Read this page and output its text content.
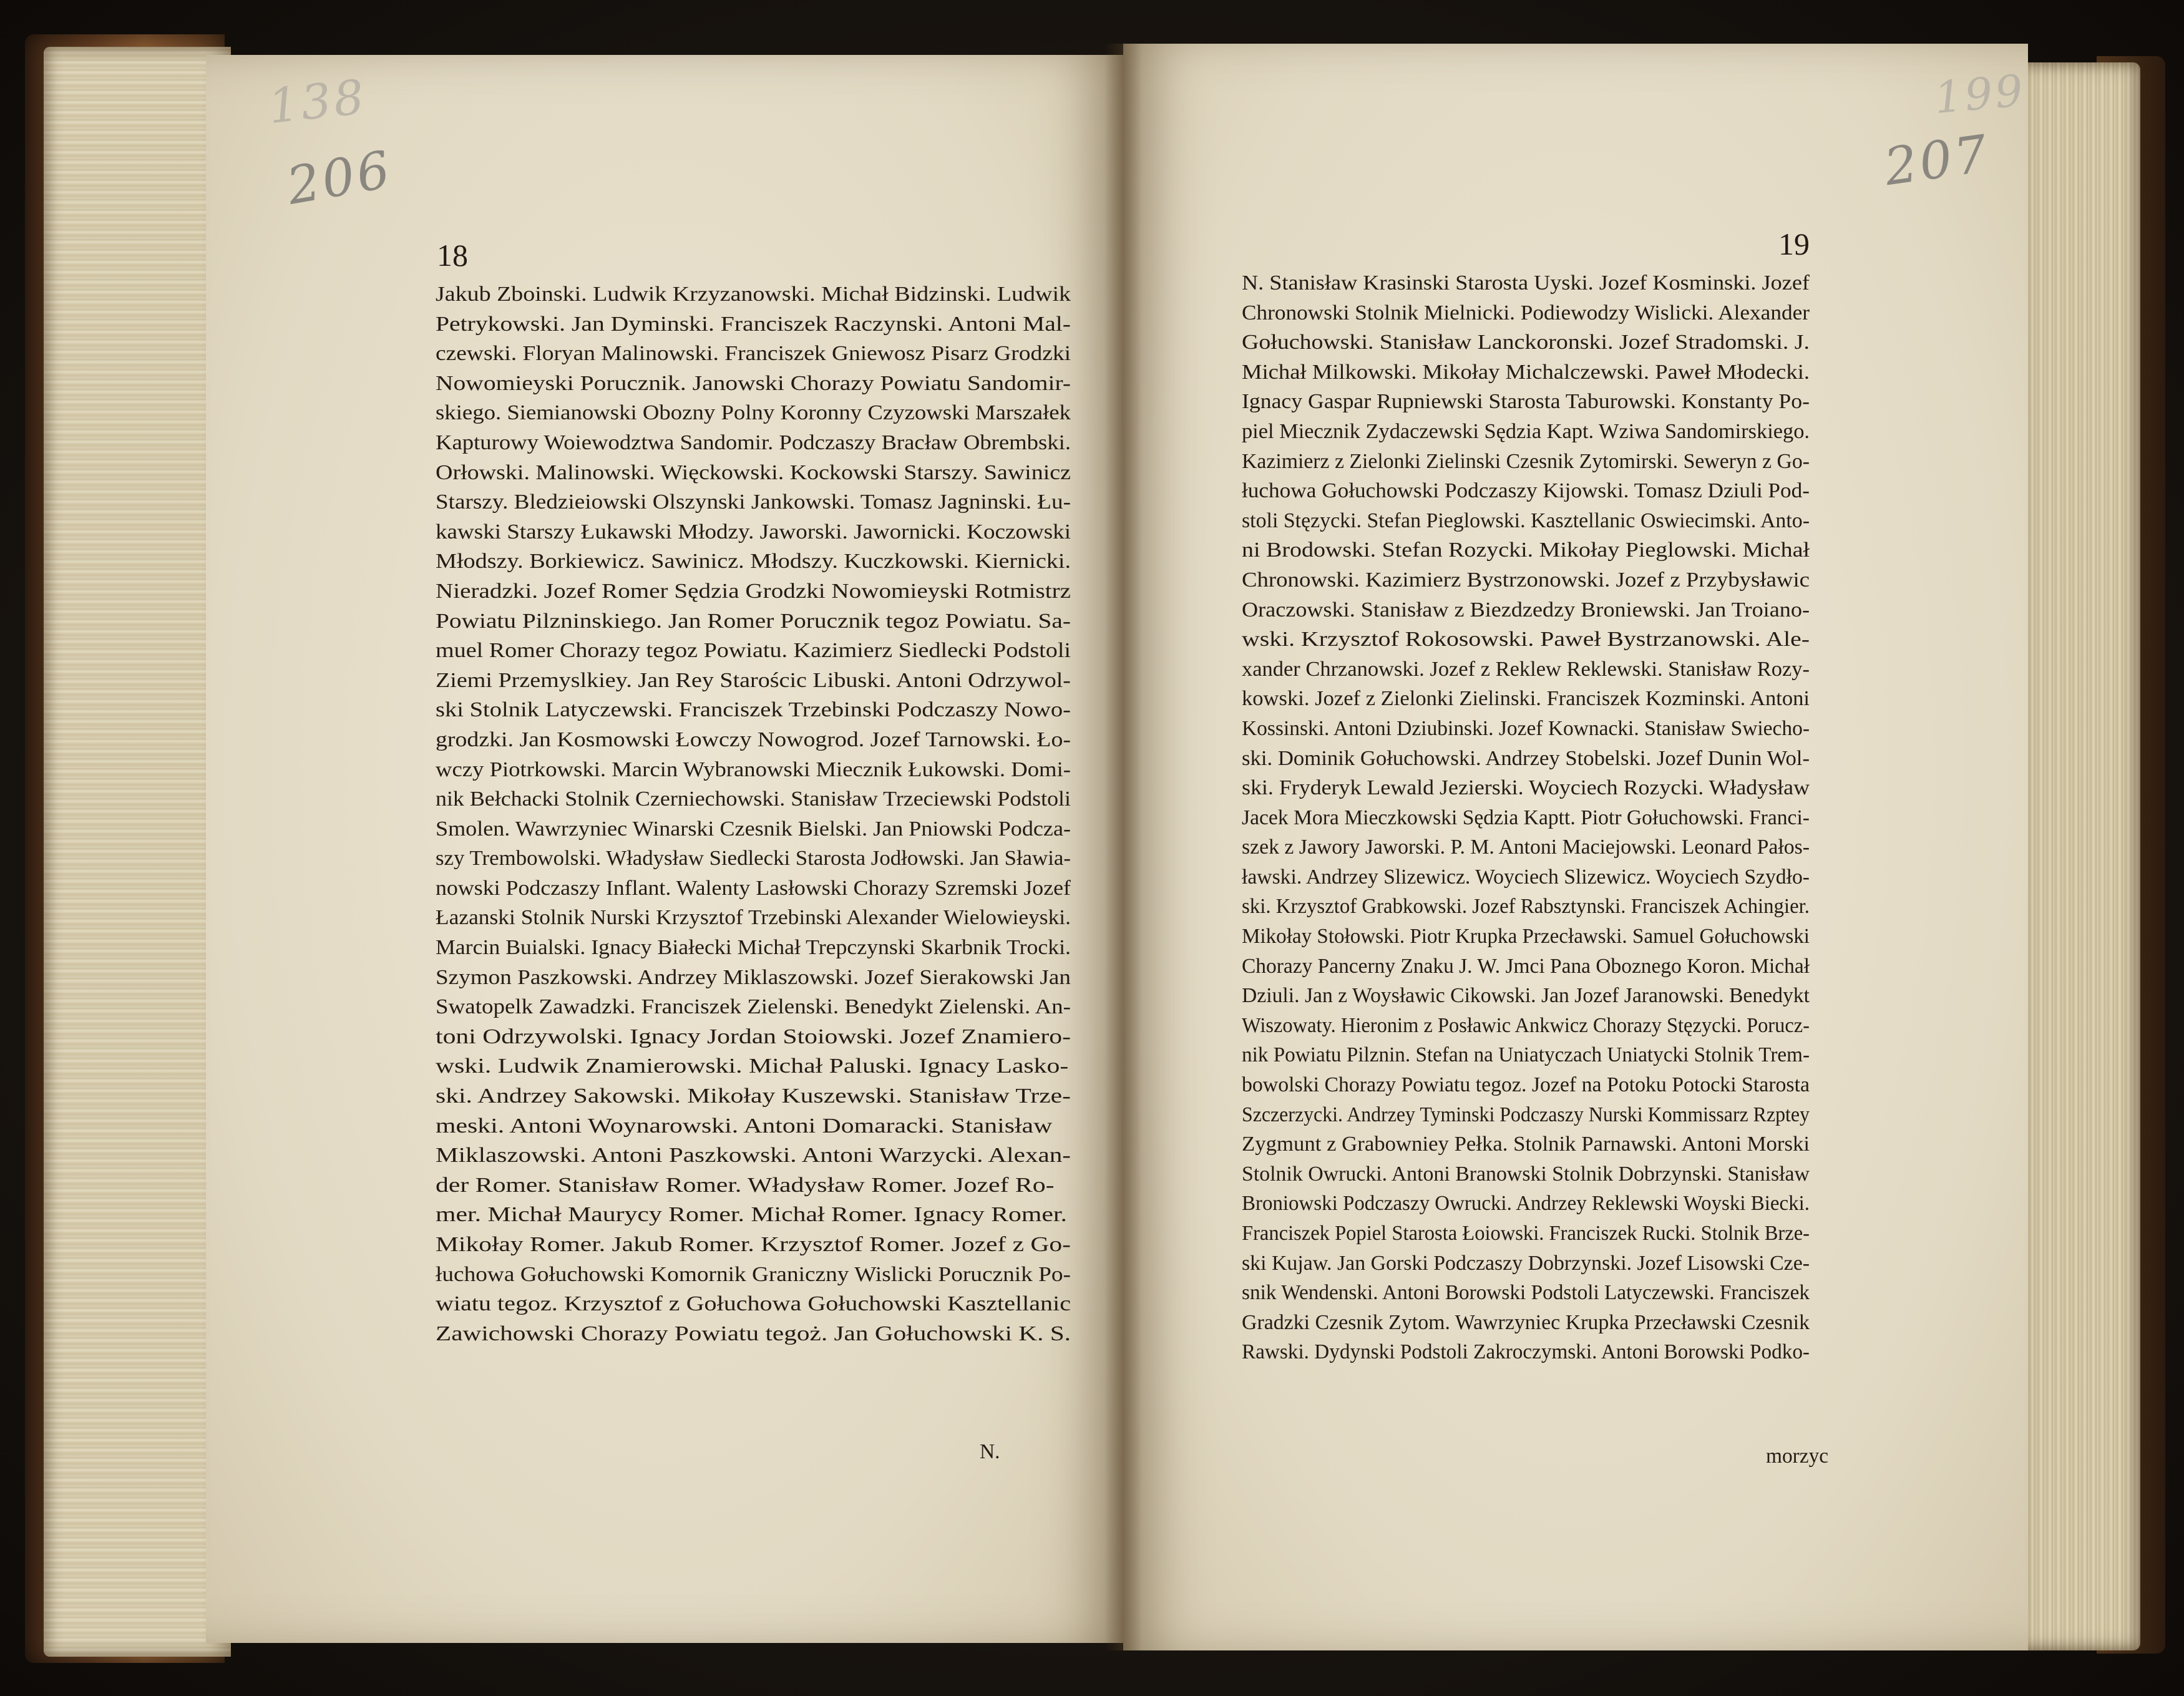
138
206
18
Jakub Zboinski. Ludwik Krzyzanowski. Michał Bidzinski. Ludwik
Petrykowski. Jan Dyminski. Franciszek Raczynski. Antoni Mal-
czewski. Floryan Malinowski. Franciszek Gniewosz Pisarz Grodzki
Nowomieyski Porucznik. Janowski Chorazy Powiatu Sandomir-
skiego. Siemianowski Obozny Polny Koronny Czyzowski Marszałek
Kapturowy Woiewodztwa Sandomir. Podczaszy Bracław Obrembski.
Orłowski. Malinowski. Więckowski. Kockowski Starszy. Sawinicz
Starszy. Bledzieiowski Olszynski Jankowski. Tomasz Jagninski. Łu-
kawski Starszy Łukawski Młodzy. Jaworski. Jawornicki. Koczowski
Młodszy. Borkiewicz. Sawinicz. Młodszy. Kuczkowski. Kiernicki.
Nieradzki. Jozef Romer Sędzia Grodzki Nowomieyski Rotmistrz
Powiatu Pilzninskiego. Jan Romer Porucznik tegoz Powiatu. Sa-
muel Romer Chorazy tegoz Powiatu. Kazimierz Siedlecki Podstoli
Ziemi Przemyslkiey. Jan Rey Starościc Libuski. Antoni Odrzywol-
ski Stolnik Latyczewski. Franciszek Trzebinski Podczaszy Nowo-
grodzki. Jan Kosmowski Łowczy Nowogrod. Jozef Tarnowski. Ło-
wczy Piotrkowski. Marcin Wybranowski Miecznik Łukowski. Domi-
nik Bełchacki Stolnik Czerniechowski. Stanisław Trzeciewski Podstoli
Smolen. Wawrzyniec Winarski Czesnik Bielski. Jan Pniowski Podcza-
szy Trembowolski. Władysław Siedlecki Starosta Jodłowski. Jan Sławia-
nowski Podczaszy Inflant. Walenty Lasłowski Chorazy Szremski Jozef
Łazanski Stolnik Nurski Krzysztof Trzebinski Alexander Wielowieyski.
Marcin Buialski. Ignacy Białecki Michał Trepczynski Skarbnik Trocki.
Szymon Paszkowski. Andrzey Miklaszowski. Jozef Sierakowski Jan
Swatopelk Zawadzki. Franciszek Zielenski. Benedykt Zielenski. An-
toni Odrzywolski. Ignacy Jordan Stoiowski. Jozef Znamiero-
wski. Ludwik Znamierowski. Michał Paluski. Ignacy Lasko-
ski. Andrzey Sakowski. Mikołay Kuszewski. Stanisław Trze-
meski. Antoni Woynarowski. Antoni Domaracki. Stanisław
Miklaszowski. Antoni Paszkowski. Antoni Warzycki. Alexan-
der Romer. Stanisław Romer. Władysław Romer. Jozef Ro-
mer. Michał Maurycy Romer. Michał Romer. Ignacy Romer.
Mikołay Romer. Jakub Romer. Krzysztof Romer. Jozef z Go-
łuchowa Gołuchowski Komornik Graniczny Wislicki Porucznik Po-
wiatu tegoz. Krzysztof z Gołuchowa Gołuchowski Kasztellanic
Zawichowski Chorazy Powiatu tegoż. Jan Gołuchowski K. S.
N.
199
207
19
N. Stanisław Krasinski Starosta Uyski. Jozef Kosminski. Jozef
Chronowski Stolnik Mielnicki. Podiewodzy Wislicki. Alexander
Gołuchowski. Stanisław Lanckoronski. Jozef Stradomski. J.
Michał Milkowski. Mikołay Michalczewski. Paweł Młodecki.
Ignacy Gaspar Rupniewski Starosta Taburowski. Konstanty Po-
piel Miecznik Zydaczewski Sędzia Kapt. Wziwa Sandomirskiego.
Kazimierz z Zielonki Zielinski Czesnik Zytomirski. Seweryn z Go-
łuchowa Gołuchowski Podczaszy Kijowski. Tomasz Dziuli Pod-
stoli Stęzycki. Stefan Pieglowski. Kasztellanic Oswiecimski. Anto-
ni Brodowski. Stefan Rozycki. Mikołay Pieglowski. Michał
Chronowski. Kazimierz Bystrzonowski. Jozef z Przybysławic
Oraczowski. Stanisław z Biezdzedzy Broniewski. Jan Troiano-
wski. Krzysztof Rokosowski. Paweł Bystrzanowski. Ale-
xander Chrzanowski. Jozef z Reklew Reklewski. Stanisław Rozy-
kowski. Jozef z Zielonki Zielinski. Franciszek Kozminski. Antoni
Kossinski. Antoni Dziubinski. Jozef Kownacki. Stanisław Swiecho-
ski. Dominik Gołuchowski. Andrzey Stobelski. Jozef Dunin Wol-
ski. Fryderyk Lewald Jezierski. Woyciech Rozycki. Władysław
Jacek Mora Mieczkowski Sędzia Kaptt. Piotr Gołuchowski. Franci-
szek z Jawory Jaworski. P. M. Antoni Maciejowski. Leonard Pałos-
ławski. Andrzey Slizewicz. Woyciech Slizewicz. Woyciech Szydło-
ski. Krzysztof Grabkowski. Jozef Rabsztynski. Franciszek Achingier.
Mikołay Stołowski. Piotr Krupka Przecławski. Samuel Gołuchowski
Chorazy Pancerny Znaku J. W. Jmci Pana Oboznego Koron. Michał
Dziuli. Jan z Woysławic Cikowski. Jan Jozef Jaranowski. Benedykt
Wiszowaty. Hieronim z Posławic Ankwicz Chorazy Stęzycki. Porucz-
nik Powiatu Pilznin. Stefan na Uniatyczach Uniatycki Stolnik Trem-
bowolski Chorazy Powiatu tegoz. Jozef na Potoku Potocki Starosta
Szczerzycki. Andrzey Tyminski Podczaszy Nurski Kommissarz Rzptey
Zygmunt z Grabowniey Pełka. Stolnik Parnawski. Antoni Morski
Stolnik Owrucki. Antoni Branowski Stolnik Dobrzynski. Stanisław
Broniowski Podczaszy Owrucki. Andrzey Reklewski Woyski Biecki.
Franciszek Popiel Starosta Łoiowski. Franciszek Rucki. Stolnik Brze-
ski Kujaw. Jan Gorski Podczaszy Dobrzynski. Jozef Lisowski Cze-
snik Wendenski. Antoni Borowski Podstoli Latyczewski. Franciszek
Gradzki Czesnik Zytom. Wawrzyniec Krupka Przecławski Czesnik
Rawski. Dydynski Podstoli Zakroczymski. Antoni Borowski Podko-
morzyc
